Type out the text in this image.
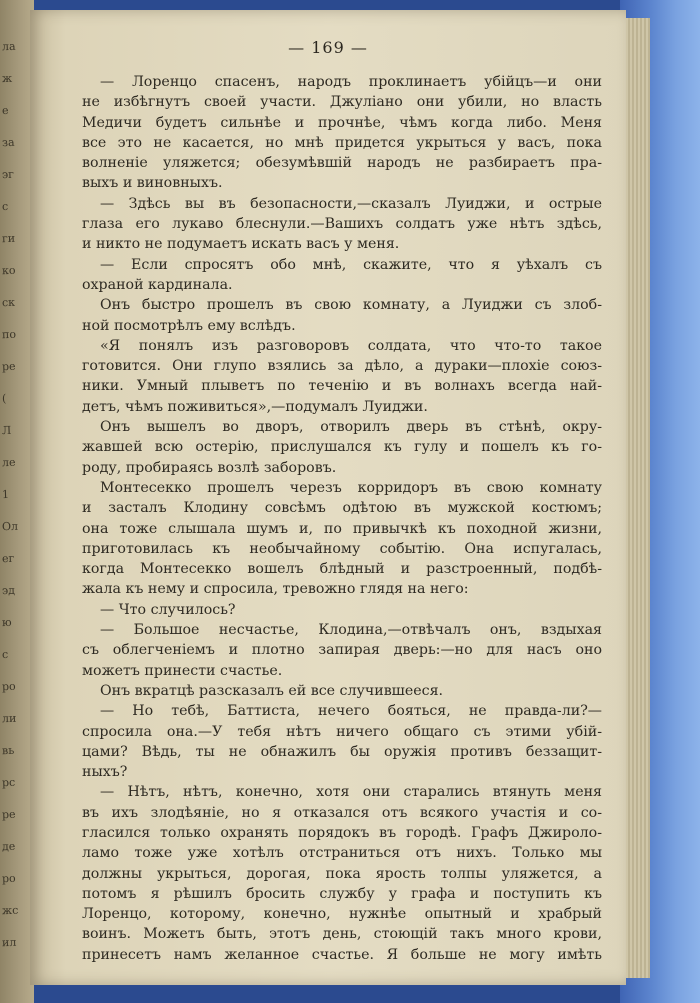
ла
ж
е
за
эг
с
ги
ко
ск
по
ре
(
Л
ле
1
Ол
ег
эд
ю
с
ро
ли
вь
рс
ре
де
ро
жс
ил
— 169 —
— Лоренцо спасенъ, народъ проклинаетъ убійцъ—и они
не избѣгнутъ своей участи. Джуліано они убили, но власть
Медичи будетъ сильнѣе и прочнѣе, чѣмъ когда либо. Меня
все это не касается, но мнѣ придется укрыться у васъ, пока
волненіе уляжется; обезумѣвшій народъ не разбираетъ пра-
выхъ и виновныхъ.
— Здѣсь вы въ безопасности,—сказалъ Луиджи, и острые
глаза его лукаво блеснули.—Вашихъ солдатъ уже нѣтъ здѣсь,
и никто не подумаетъ искать васъ у меня.
— Если спросятъ обо мнѣ, скажите, что я уѣхалъ съ
охраной кардинала.
Онъ быстро прошелъ въ свою комнату, а Луиджи съ злоб-
ной посмотрѣлъ ему вслѣдъ.
«Я понялъ изъ разговоровъ солдата, что что-то такое
готовится. Они глупо взялись за дѣло, а дураки—плохіе союз-
ники. Умный плыветъ по теченію и въ волнахъ всегда най-
детъ, чѣмъ поживиться»,—подумалъ Луиджи.
Онъ вышелъ во дворъ, отворилъ дверь въ стѣнѣ, окру-
жавшей всю остерію, прислушался къ гулу и пошелъ къ го-
роду, пробираясь возлѣ заборовъ.
Монтесекко прошелъ черезъ корридоръ въ свою комнату
и засталъ Клодину совсѣмъ одѣтою въ мужской костюмъ;
она тоже слышала шумъ и, по привычкѣ къ походной жизни,
приготовилась къ необычайному событію. Она испугалась,
когда Монтесекко вошелъ блѣдный и разстроенный, подбѣ-
жала къ нему и спросила, тревожно глядя на него:
— Что случилось?
— Большое несчастье, Клодина,—отвѣчалъ онъ, вздыхая
съ облегченіемъ и плотно запирая дверь:—но для насъ оно
можетъ принести счастье.
Онъ вкратцѣ разсказалъ ей все случившееся.
— Но тебѣ, Баттиста, нечего бояться, не правда-ли?—
спросила она.—У тебя нѣтъ ничего общаго съ этими убій-
цами? Вѣдь, ты не обнажилъ бы оружія противъ беззащит-
ныхъ?
— Нѣтъ, нѣтъ, конечно, хотя они старались втянуть меня
въ ихъ злодѣяніе, но я отказался отъ всякого участія и со-
гласился только охранять порядокъ въ городѣ. Графъ Джироло-
ламо тоже уже хотѣлъ отстраниться отъ нихъ. Только мы
должны укрыться, дорогая, пока ярость толпы уляжется, а
потомъ я рѣшилъ бросить службу у графа и поступить къ
Лоренцо, которому, конечно, нужнѣе опытный и храбрый
воинъ. Можетъ быть, этотъ день, стоющій такъ много крови,
принесетъ намъ желанное счастье. Я больше не могу имѣть
